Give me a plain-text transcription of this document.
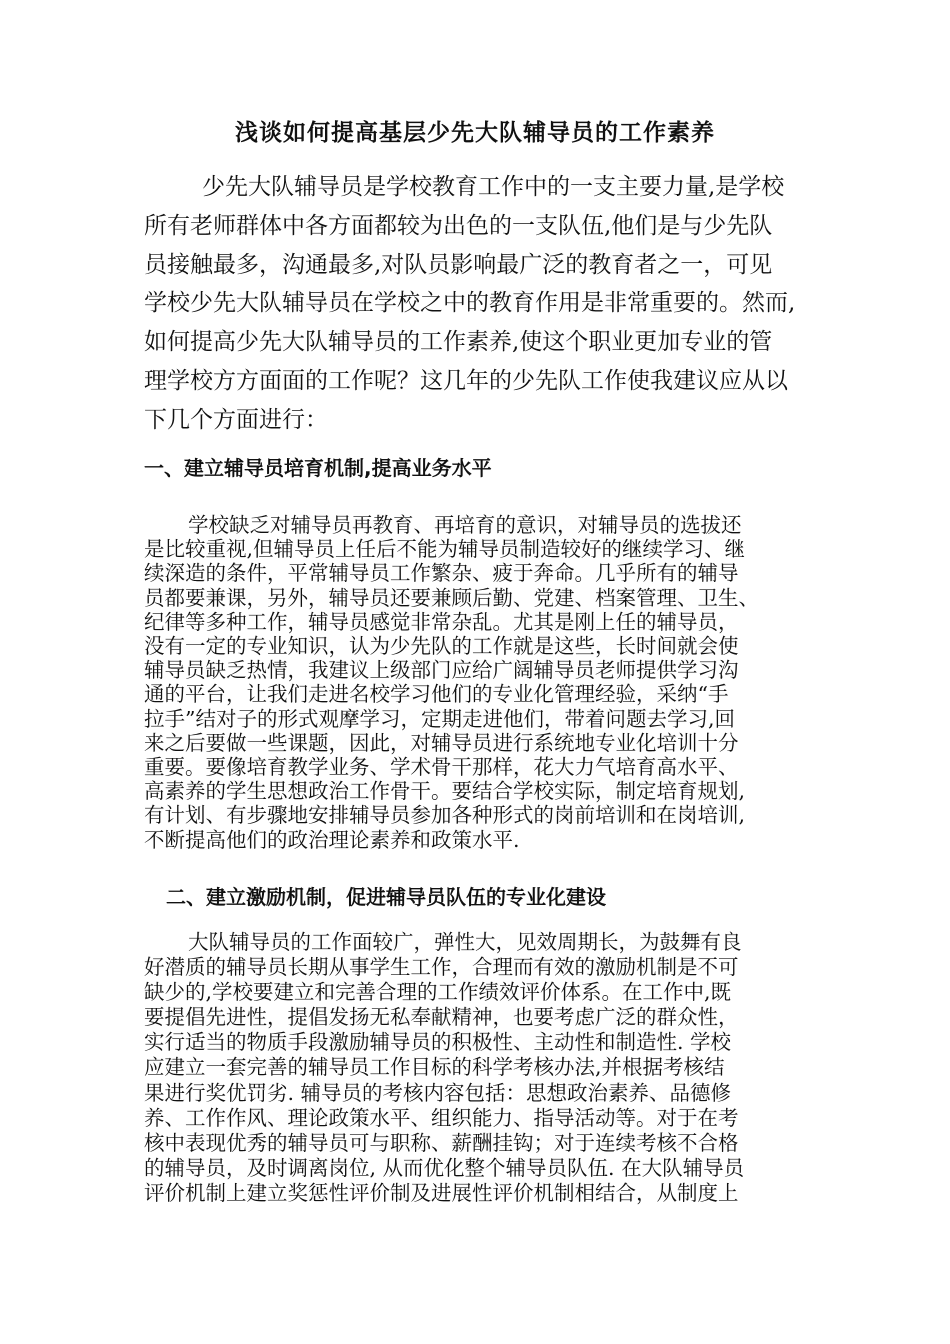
浅谈如何提高基层少先大队辅导员的工作素养
少先大队辅导员是学校教育工作中的一支主要力量,是学校
所有老师群体中各方面都较为出色的一支队伍,他们是与少先队
员接触最多，沟通最多,对队员影响最广泛的教育者之一，可见
学校少先大队辅导员在学校之中的教育作用是非常重要的。然而,
如何提高少先大队辅导员的工作素养,使这个职业更加专业的管
理学校方方面面的工作呢？这几年的少先队工作使我建议应从以
下几个方面进行：
一、建立辅导员培育机制,提高业务水平
学校缺乏对辅导员再教育、再培育的意识，对辅导员的选拔还
是比较重视,但辅导员上任后不能为辅导员制造较好的继续学习、继
续深造的条件，平常辅导员工作繁杂、疲于奔命。几乎所有的辅导
员都要兼课，另外，辅导员还要兼顾后勤、党建、档案管理、卫生、
纪律等多种工作，辅导员感觉非常杂乱。尤其是刚上任的辅导员，
没有一定的专业知识，认为少先队的工作就是这些，长时间就会使
辅导员缺乏热情，我建议上级部门应给广阔辅导员老师提供学习沟
通的平台，让我们走进名校学习他们的专业化管理经验，采纳“手
拉手”结对子的形式观摩学习，定期走进他们，带着问题去学习,回
来之后要做一些课题，因此，对辅导员进行系统地专业化培训十分
重要。要像培育教学业务、学术骨干那样，花大力气培育高水平、
高素养的学生思想政治工作骨干。要结合学校实际，制定培育规划,
有计划、有步骤地安排辅导员参加各种形式的岗前培训和在岗培训,
不断提高他们的政治理论素养和政策水平.
二、建立激励机制，促进辅导员队伍的专业化建设
大队辅导员的工作面较广，弹性大，见效周期长，为鼓舞有良
好潜质的辅导员长期从事学生工作，合理而有效的激励机制是不可
缺少的,学校要建立和完善合理的工作绩效评价体系。在工作中,既
要提倡先进性，提倡发扬无私奉献精神，也要考虑广泛的群众性，
实行适当的物质手段激励辅导员的积极性、主动性和制造性. 学校
应建立一套完善的辅导员工作目标的科学考核办法,并根据考核结
果进行奖优罚劣. 辅导员的考核内容包括：思想政治素养、品德修
养、工作作风、理论政策水平、组织能力、指导活动等。对于在考
核中表现优秀的辅导员可与职称、薪酬挂钩；对于连续考核不合格
的辅导员，及时调离岗位, 从而优化整个辅导员队伍. 在大队辅导员
评价机制上建立奖惩性评价制及进展性评价机制相结合，从制度上
